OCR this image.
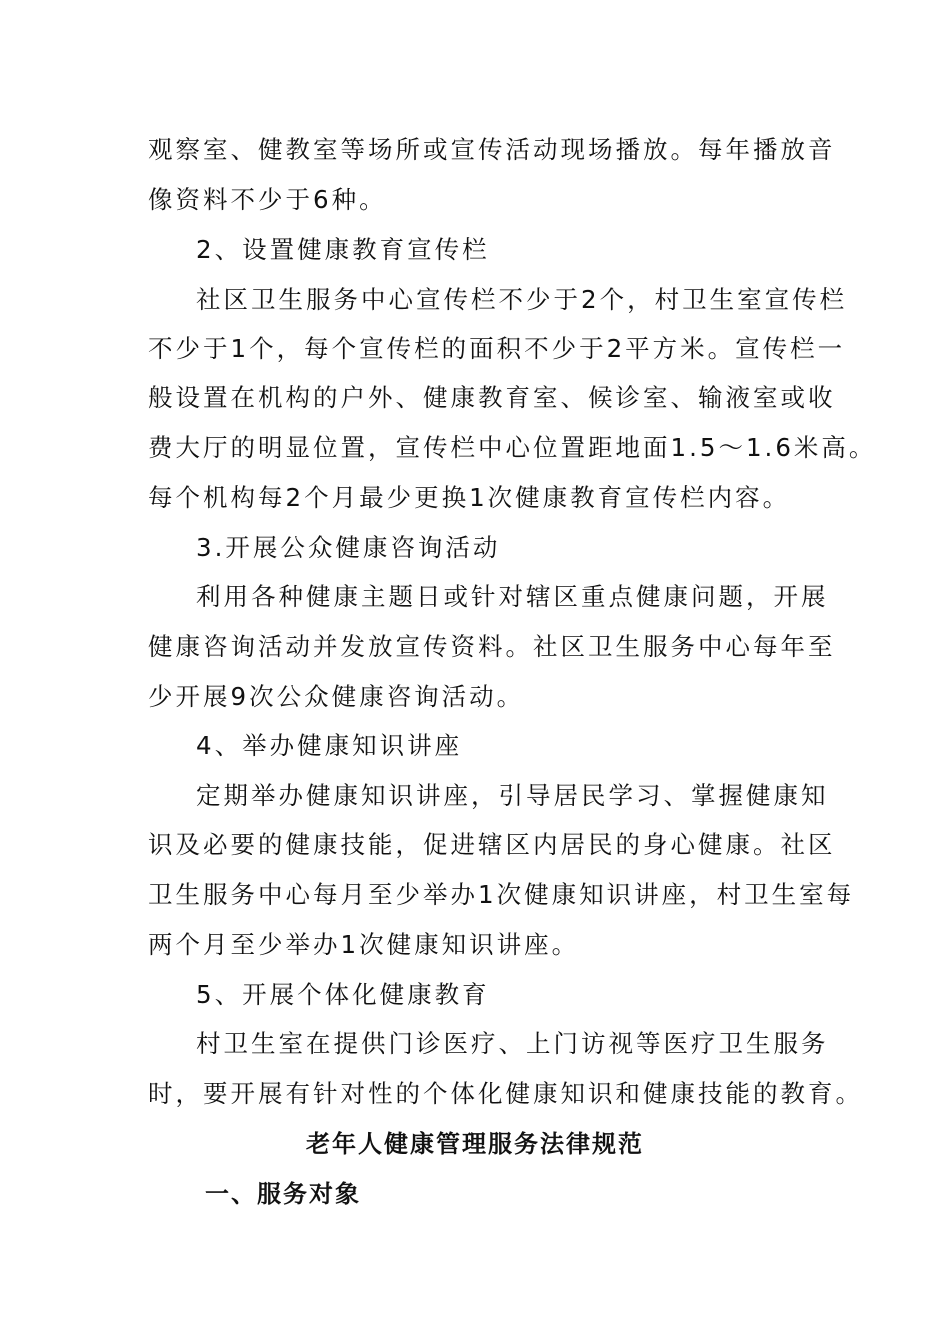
观察室、健教室等场所或宣传活动现场播放。每年播放音
像资料不少于6种。
2、设置健康教育宣传栏
社区卫生服务中心宣传栏不少于2个，村卫生室宣传栏
不少于1个，每个宣传栏的面积不少于2平方米。宣传栏一
般设置在机构的户外、健康教育室、候诊室、输液室或收
费大厅的明显位置，宣传栏中心位置距地面1.5～1.6米高。
每个机构每2个月最少更换1次健康教育宣传栏内容。
3.开展公众健康咨询活动
利用各种健康主题日或针对辖区重点健康问题，开展
健康咨询活动并发放宣传资料。社区卫生服务中心每年至
少开展9次公众健康咨询活动。
4、举办健康知识讲座
定期举办健康知识讲座，引导居民学习、掌握健康知
识及必要的健康技能，促进辖区内居民的身心健康。社区
卫生服务中心每月至少举办1次健康知识讲座，村卫生室每
两个月至少举办1次健康知识讲座。
5、开展个体化健康教育
村卫生室在提供门诊医疗、上门访视等医疗卫生服务
时，要开展有针对性的个体化健康知识和健康技能的教育。
老年人健康管理服务法律规范
一、服务对象
